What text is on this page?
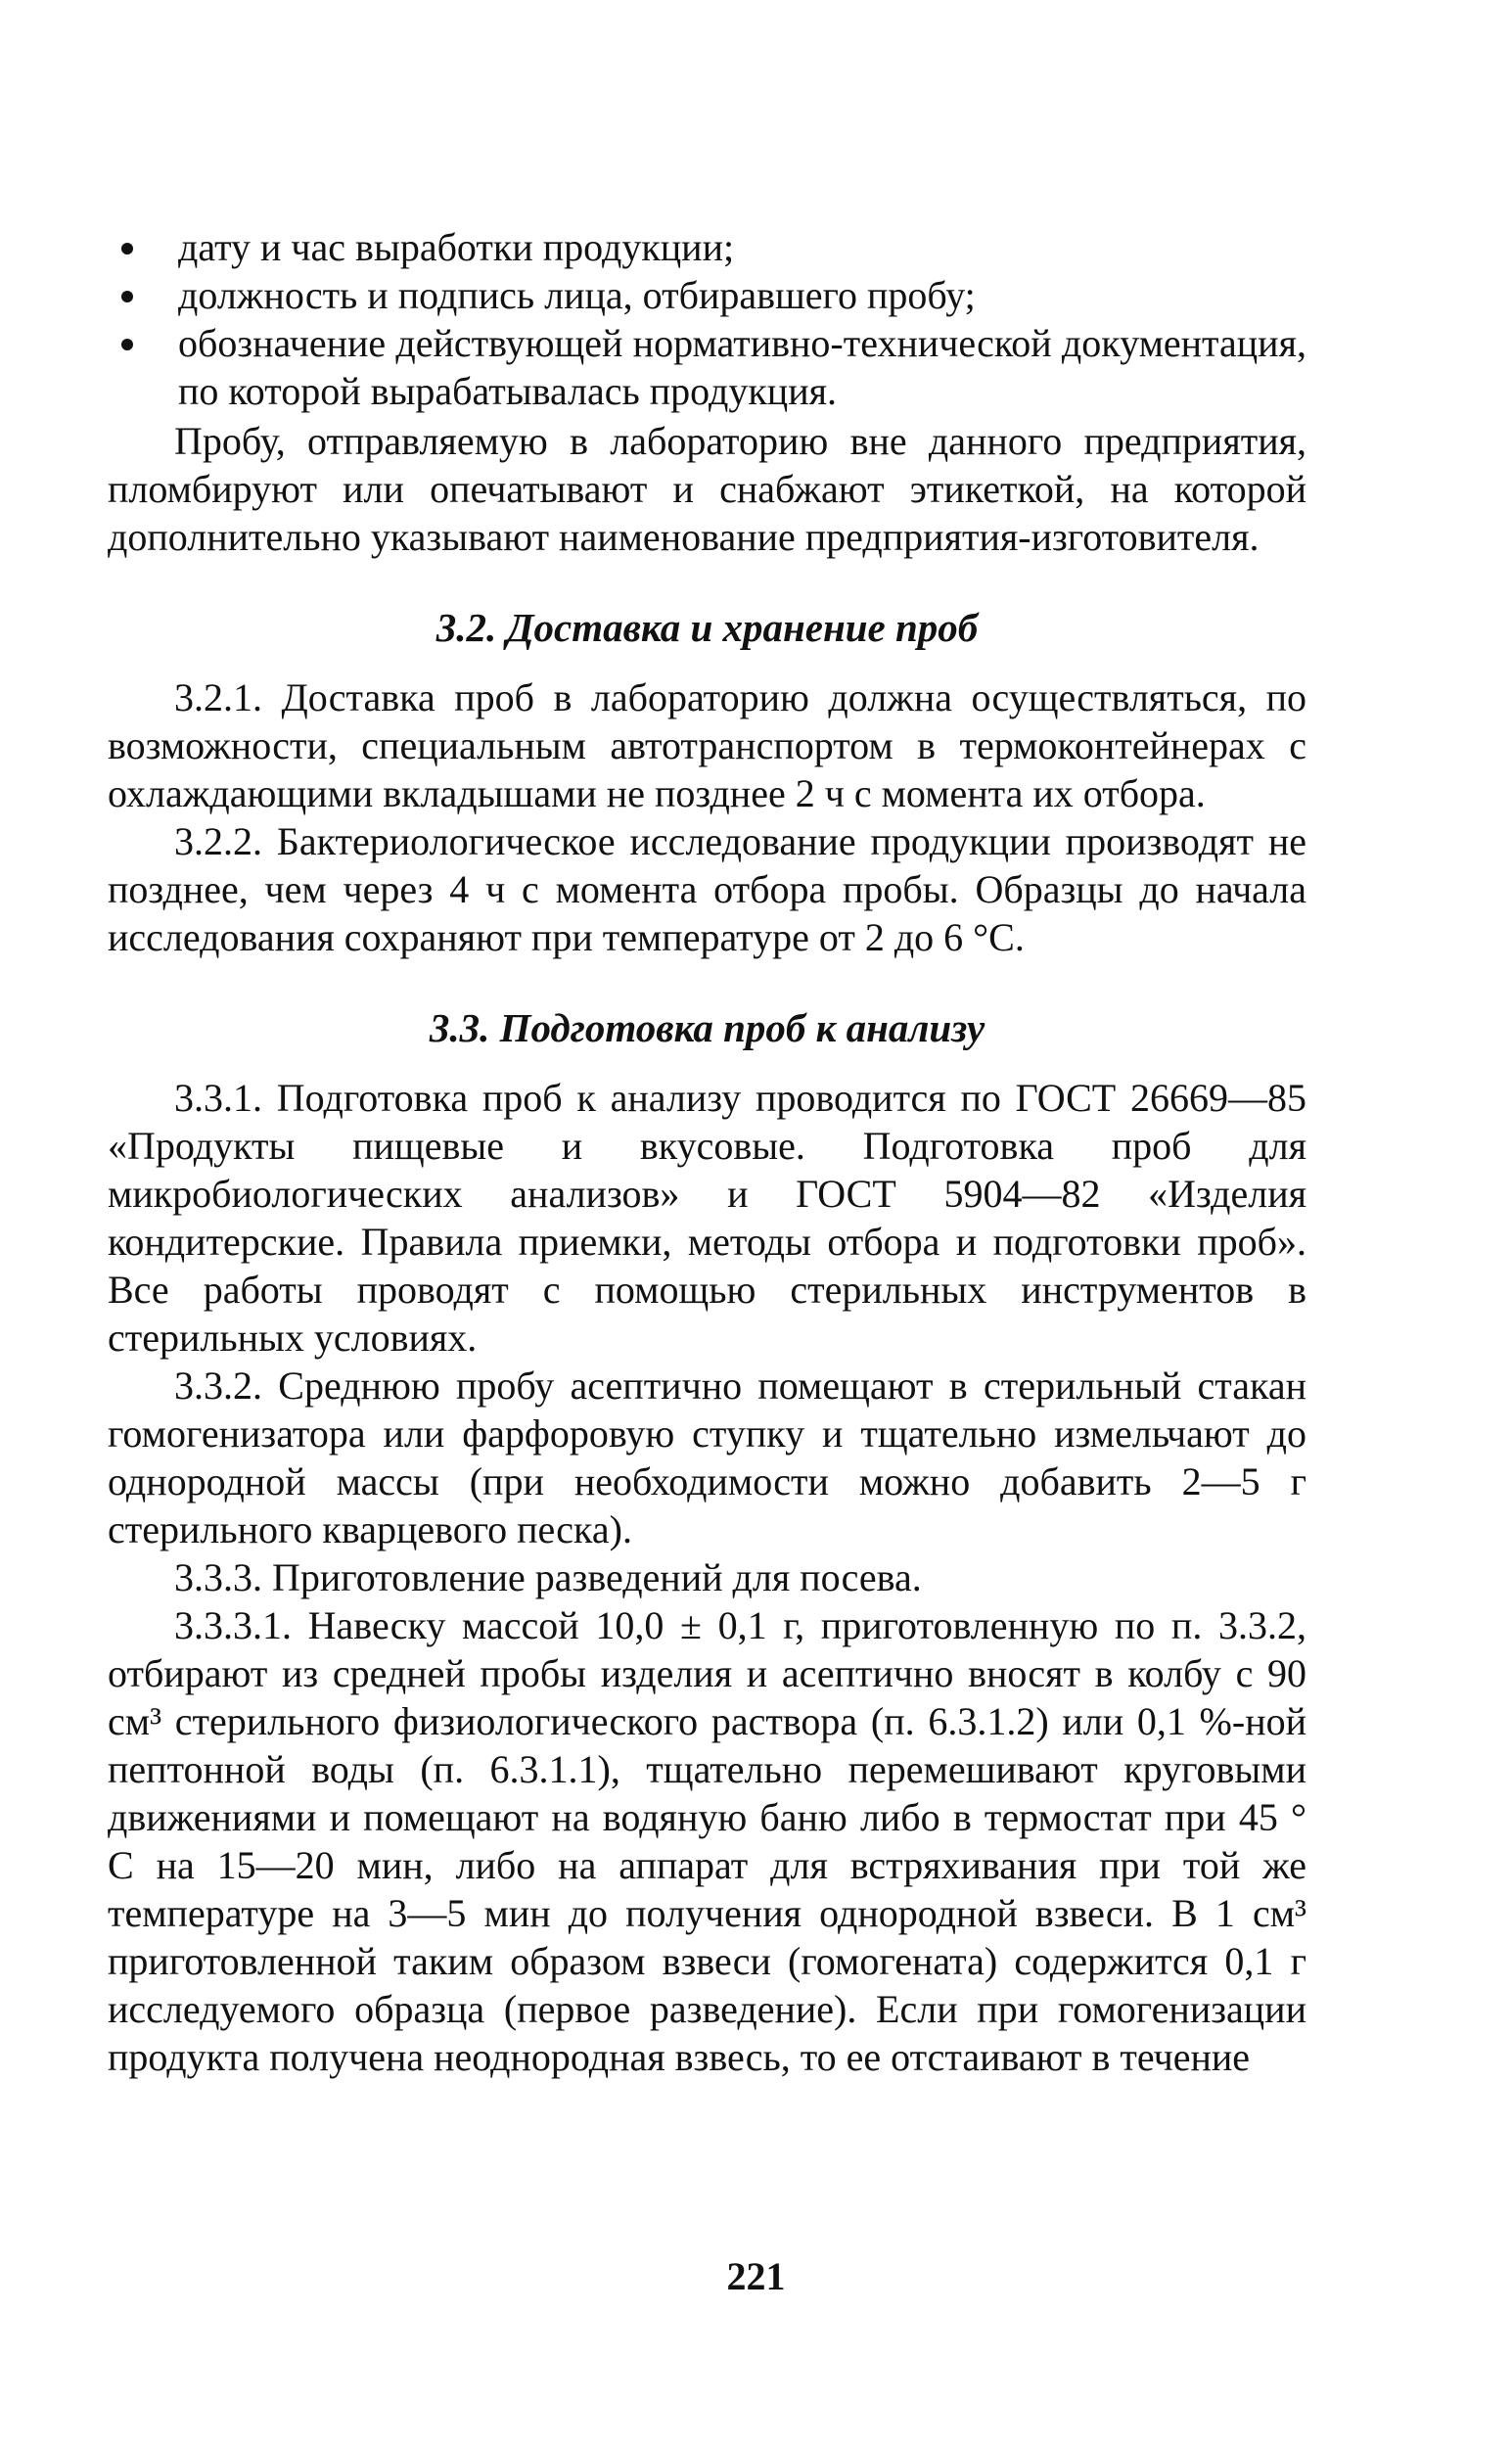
дату и час выработки продукции;
должность и подпись лица, отбиравшего пробу;
обозначение действующей нормативно-технической документация, по которой вырабатывалась продукция.

Пробу, отправляемую в лабораторию вне данного предприятия, пломбируют или опечатывают и снабжают этикеткой, на которой дополнительно указывают наименование предприятия-изготовителя.

3.2. Доставка и хранение проб

3.2.1. Доставка проб в лабораторию должна осуществляться, по возможности, специальным автотранспортом в термоконтейнерах с охлаждающими вкладышами не позднее 2 ч с момента их отбора.

3.2.2. Бактериологическое исследование продукции производят не позднее, чем через 4 ч с момента отбора пробы. Образцы до начала исследования сохраняют при температуре от 2 до 6 °С.

3.3. Подготовка проб к анализу

3.3.1. Подготовка проб к анализу проводится по ГОСТ 26669—85 «Продукты пищевые и вкусовые. Подготовка проб для микробиологических анализов» и ГОСТ 5904—82 «Изделия кондитерские. Правила приемки, методы отбора и подготовки проб». Все работы проводят с помощью стерильных инструментов в стерильных условиях.

3.3.2. Среднюю пробу асептично помещают в стерильный стакан гомогенизатора или фарфоровую ступку и тщательно измельчают до однородной массы (при необходимости можно добавить 2—5 г стерильного кварцевого песка).

3.3.3. Приготовление разведений для посева.

3.3.3.1. Навеску массой 10,0 ± 0,1 г, приготовленную по п. 3.3.2, отбирают из средней пробы изделия и асептично вносят в колбу с 90 см³ стерильного физиологического раствора (п. 6.3.1.2) или 0,1 %-ной пептонной воды (п. 6.3.1.1), тщательно перемешивают круговыми движениями и помещают на водяную баню либо в термостат при 45 ° С на 15—20 мин, либо на аппарат для встряхивания при той же температуре на 3—5 мин до получения однородной взвеси. В 1 см³ приготовленной таким образом взвеси (гомогената) содержится 0,1 г исследуемого образца (первое разведение). Если при гомогенизации продукта получена неоднородная взвесь, то ее отстаивают в течение

221
